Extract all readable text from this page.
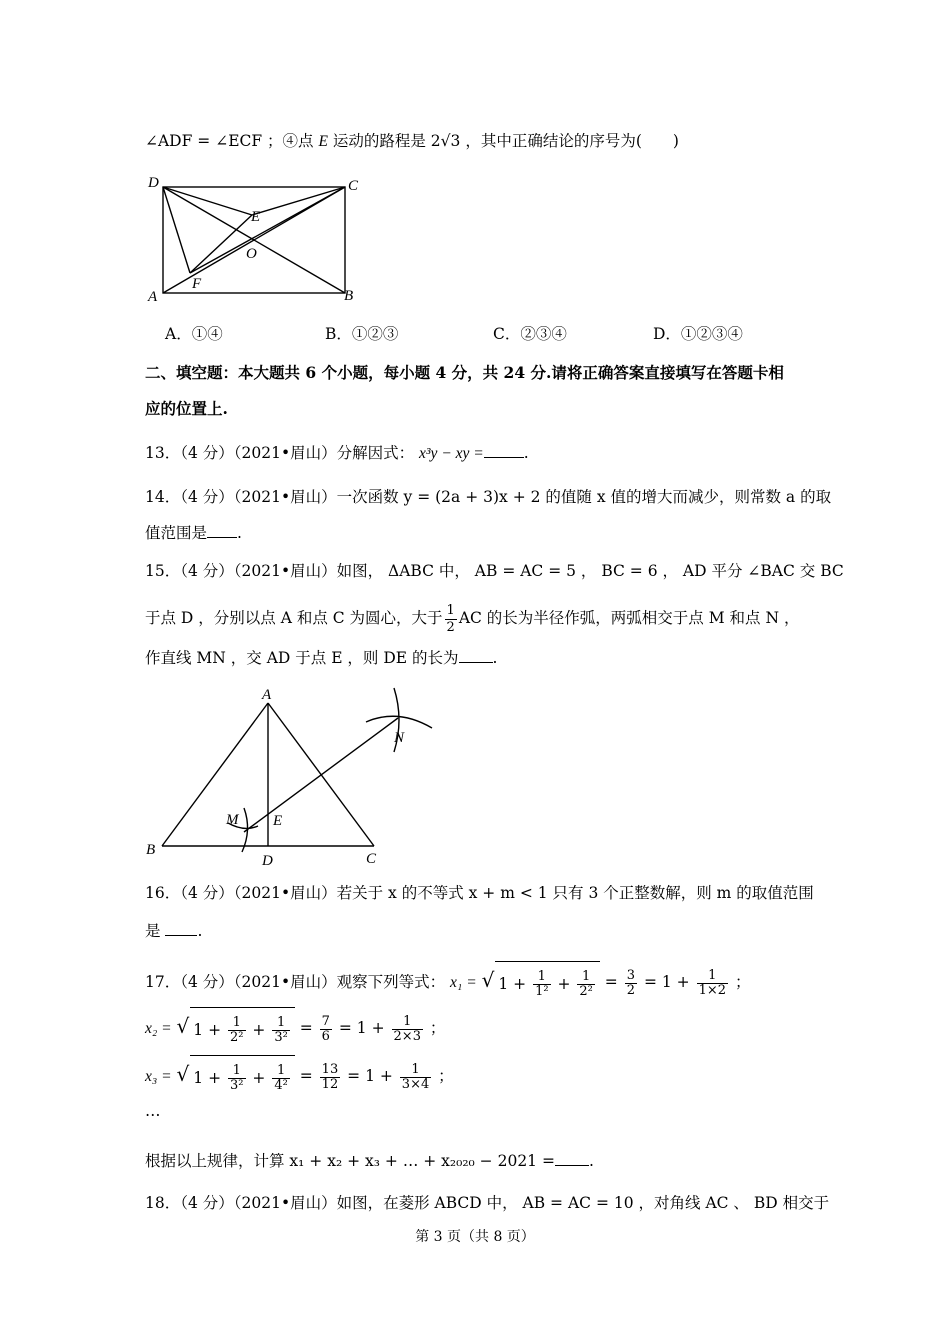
∠ADF = ∠ECF ；④点 E 运动的路程是 2√3 ，其中正确结论的序号为(　　)
D	C
E
O
A
F
B
A．①④	B．①②③	C．②③④	D．①②③④
二、填空题：本大题共 6 个小题，每小题 4 分，共 24 分.请将正确答案直接填写在答题卡相
应的位置上.
13．（4 分）（2021•眉山）分解因式： x³y − xy =	.
14．（4 分）（2021•眉山）一次函数 y = (2a + 3)x + 2 的值随 x 值的增大而减少，则常数 a 的取
值范围是 .
15．（4 分）（2021•眉山）如图， ΔABC 中， AB = AC = 5 ， BC = 6 ， AD 平分 ∠BAC 交 BC
于点 D ，分别以点 A 和点 C 为圆心，大于 $\frac{1}{2}$ AC 的长为半径作弧，两弧相交于点 M 和点 N ，
作直线 MN ，交 AD 于点 E ，则 DE 的长为 .
A
B
C
D
E
M
N
16．（4 分）（2021•眉山）若关于 x 的不等式 x + m < 1 只有 3 个正整数解，则 m 的取值范围
是 .
17．（4 分）（2021•眉山）观察下列等式： x₁ = √ $1 + \frac{1}{\text{1²}} + \frac{1}{\text{2²}} = \frac{3}{2} = 1 + \frac{1}{1\times 2}$ ；
x₂ = √ $1 + \frac{1}{\text{2²}} + \frac{1}{\text{3²}} = \frac{7}{6} = 1 + \frac{1}{2\times 3}$ ；
x₃ = √ $1 + \frac{1}{\text{3²}} + \frac{1}{\text{4²}} = \frac{13}{12} = 1 + \frac{1}{3\times 4}$ ；
…
根据以上规律，计算 x₁ + x₂ + x₃ + … + x₂₀₂₀ − 2021 = .
18．（4 分）（2021•眉山）如图，在菱形 ABCD 中， AB = AC = 10 ，对角线 AC 、 BD 相交于
第 3 页（共 8 页）
